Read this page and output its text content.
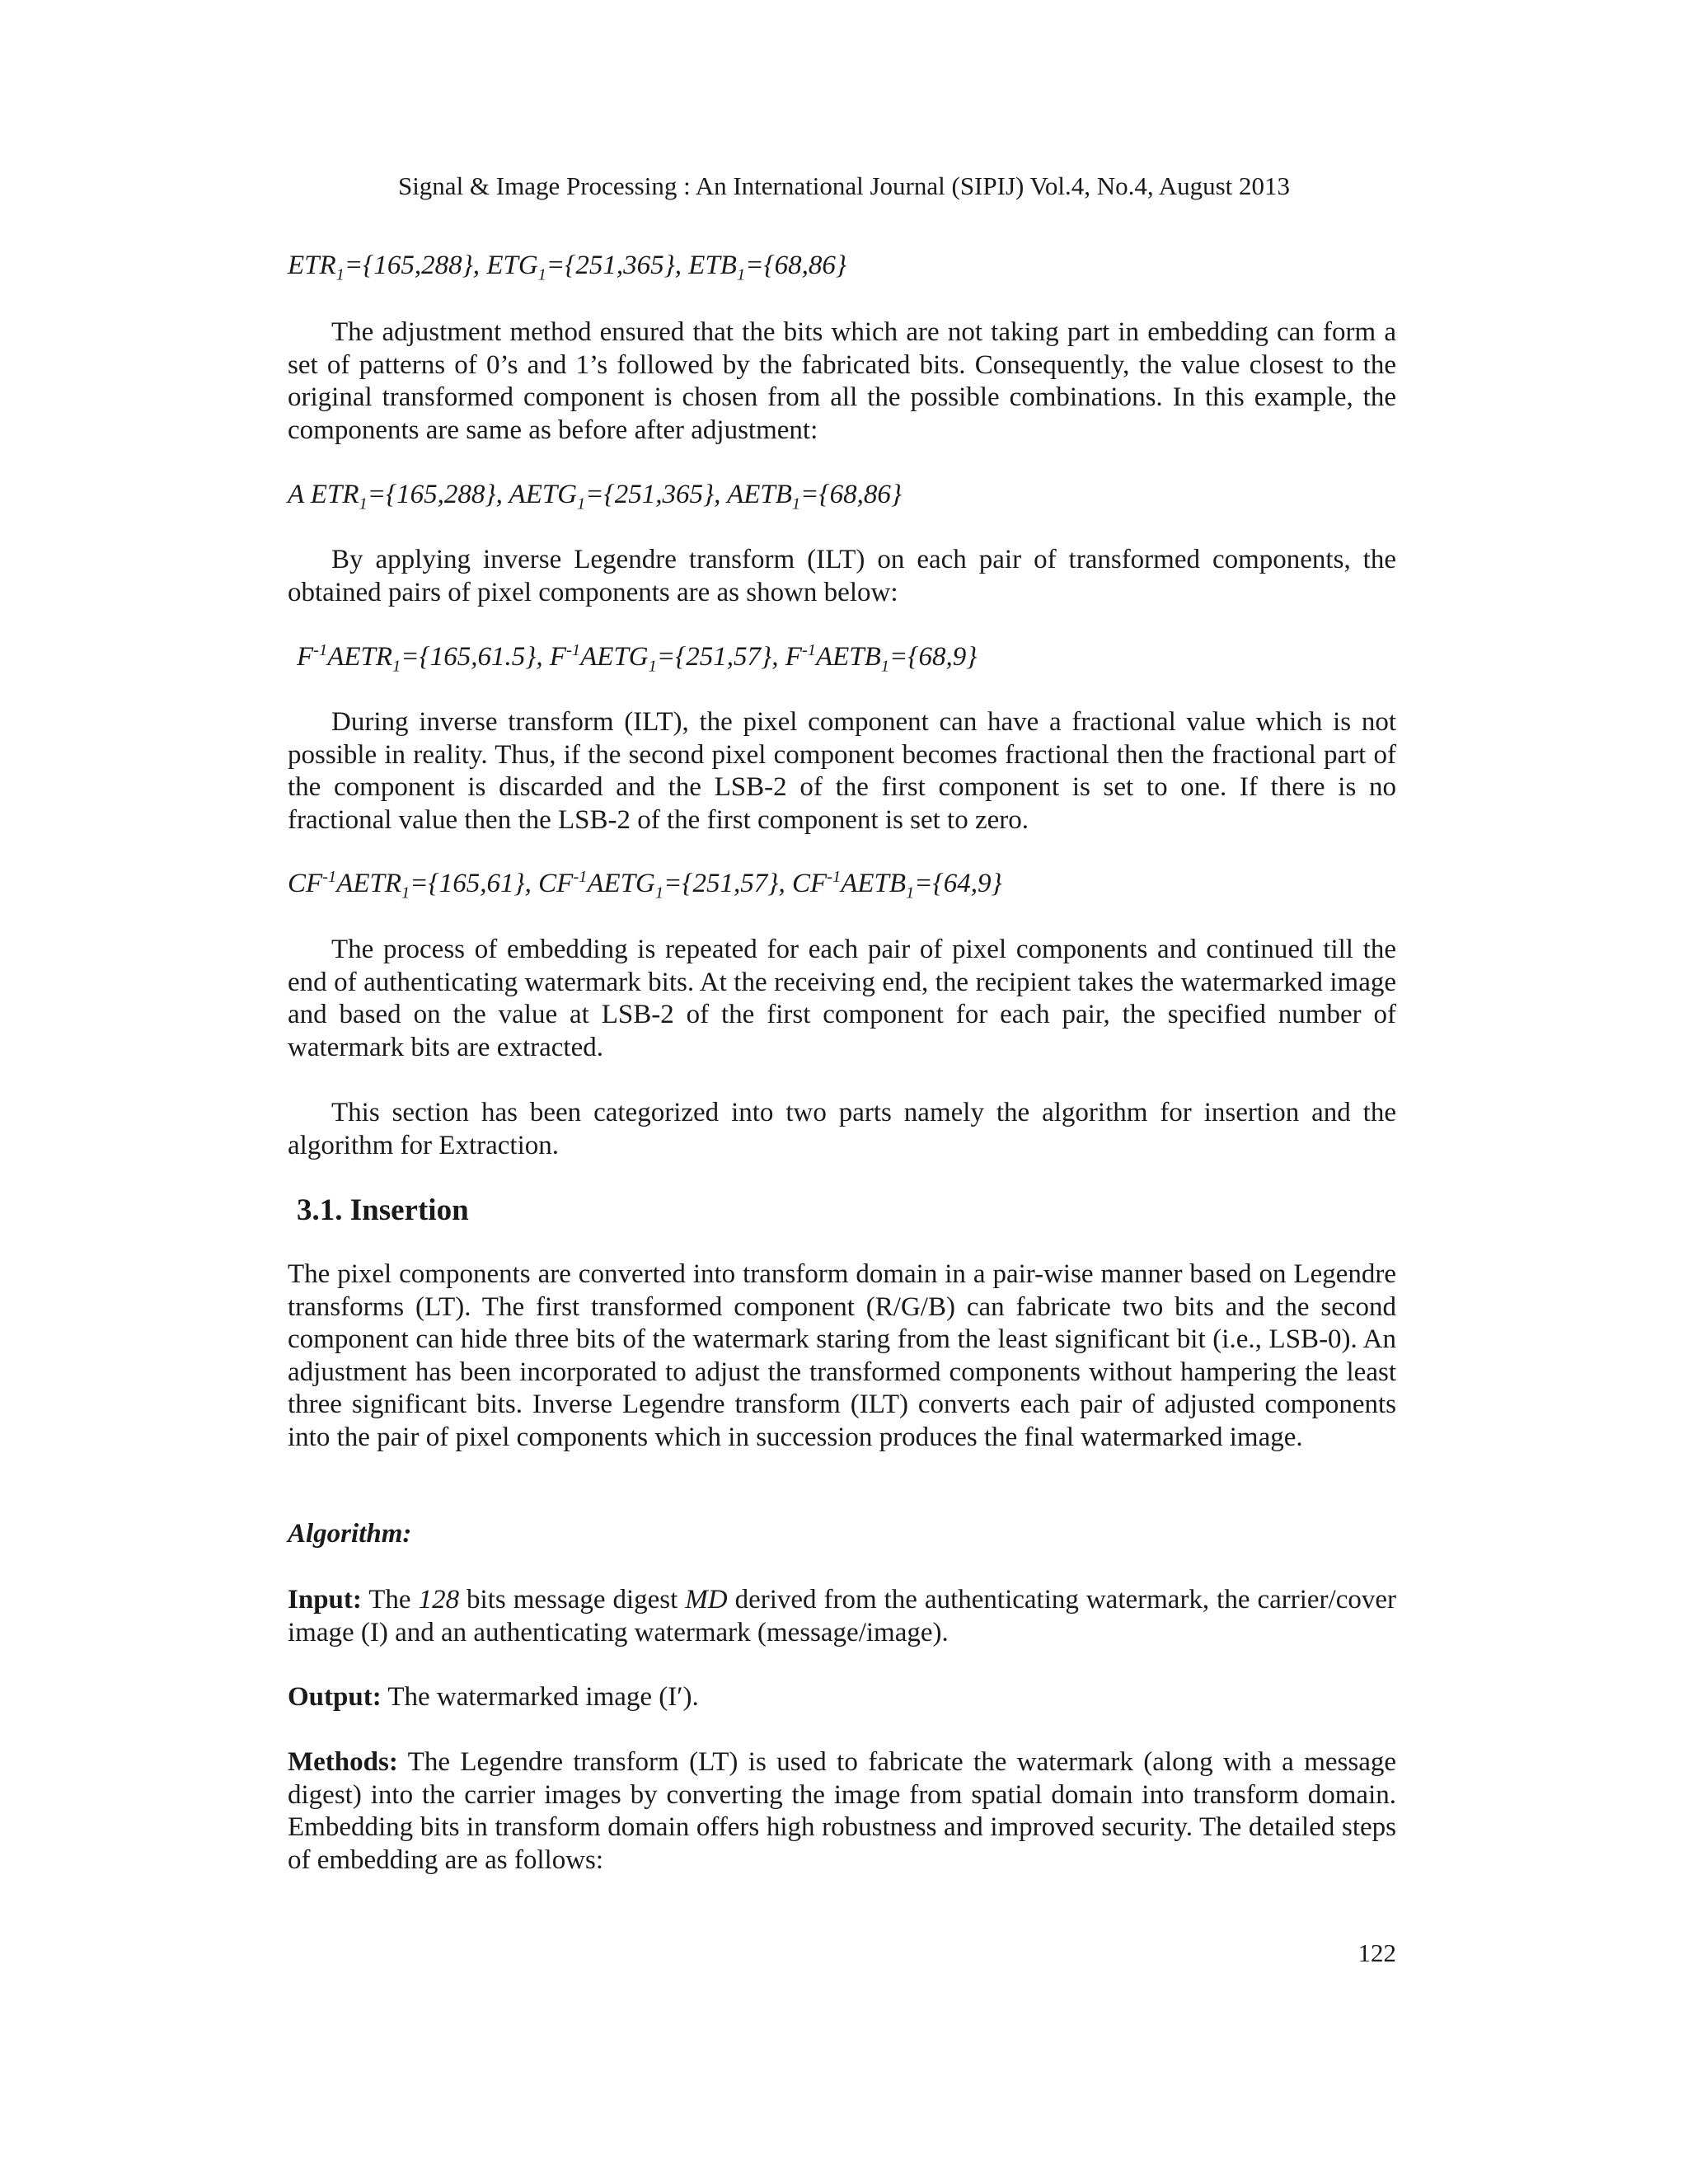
Signal & Image Processing : An International Journal (SIPIJ) Vol.4, No.4, August 2013
$ETR_1=\{165,288\}$, $ETG_1=\{251,365\}$, $ETB_1=\{68,86\}$

The adjustment method ensured that the bits which are not taking part in embedding can form a set of patterns of 0’s and 1’s followed by the fabricated bits. Consequently, the value closest to the original transformed component is chosen from all the possible combinations. In this example, the components are same as before after adjustment:

A $ETR_1=\{165,288\}$, $AETG_1=\{251,365\}$, $AETB_1=\{68,86\}$

By applying inverse Legendre transform (ILT) on each pair of transformed components, the obtained pairs of pixel components are as shown below:

$F^{-1}AETR_1=\{165,61.5\}$, $F^{-1}AETG_1=\{251,57\}$, $F^{-1}AETB_1=\{68,9\}$

During inverse transform (ILT), the pixel component can have a fractional value which is not possible in reality. Thus, if the second pixel component becomes fractional then the fractional part of the component is discarded and the LSB-2 of the first component is set to one. If there is no fractional value then the LSB-2 of the first component is set to zero.

$CF^{-1}AETR_1=\{165,61\}$, $CF^{-1}AETG_1=\{251,57\}$, $CF^{-1}AETB_1=\{64,9\}$

The process of embedding is repeated for each pair of pixel components and continued till the end of authenticating watermark bits. At the receiving end, the recipient takes the watermarked image and based on the value at LSB-2 of the first component for each pair, the specified number of watermark bits are extracted.

This section has been categorized into two parts namely the algorithm for insertion and the algorithm for Extraction.

3.1. Insertion

The pixel components are converted into transform domain in a pair-wise manner based on Legendre transforms (LT). The first transformed component (R/G/B) can fabricate two bits and the second component can hide three bits of the watermark staring from the least significant bit (i.e., LSB-0). An adjustment has been incorporated to adjust the transformed components without hampering the least three significant bits. Inverse Legendre transform (ILT) converts each pair of adjusted components into the pair of pixel components which in succession produces the final watermarked image.

Algorithm:

Input: The 128 bits message digest MD derived from the authenticating watermark, the carrier/cover image (I) and an authenticating watermark (message/image).

Output: The watermarked image (I′).

Methods: The Legendre transform (LT) is used to fabricate the watermark (along with a message digest) into the carrier images by converting the image from spatial domain into transform domain. Embedding bits in transform domain offers high robustness and improved security. The detailed steps of embedding are as follows:

122
